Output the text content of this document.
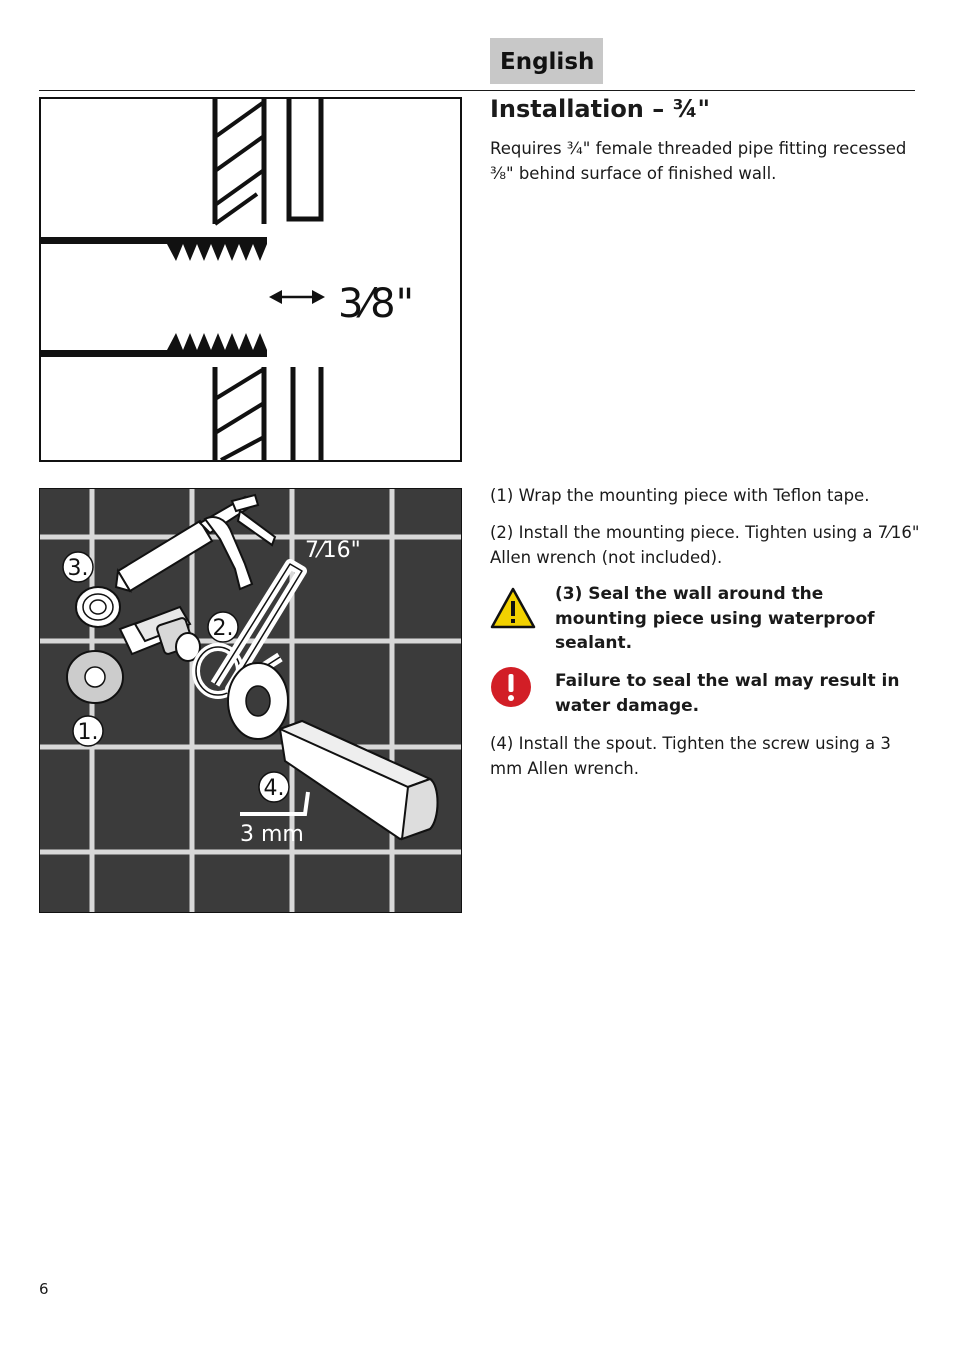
English
3⁄8"
3.
2.
1.
4.
7⁄16"
3 mm
Installation – ¾"

Requires ¾" female threaded pipe fitting recessed ⅜" behind surface of finished wall.

(1) Wrap the mounting piece with Teflon tape.

(2) Install the mounting piece. Tighten using a 7⁄16" Allen wrench (not included).

(3) Seal the wall around the mounting piece using waterproof sealant.

Failure to seal the wal may result in water damage.

(4) Install the spout. Tighten the screw using a 3 mm Allen wrench.

6
